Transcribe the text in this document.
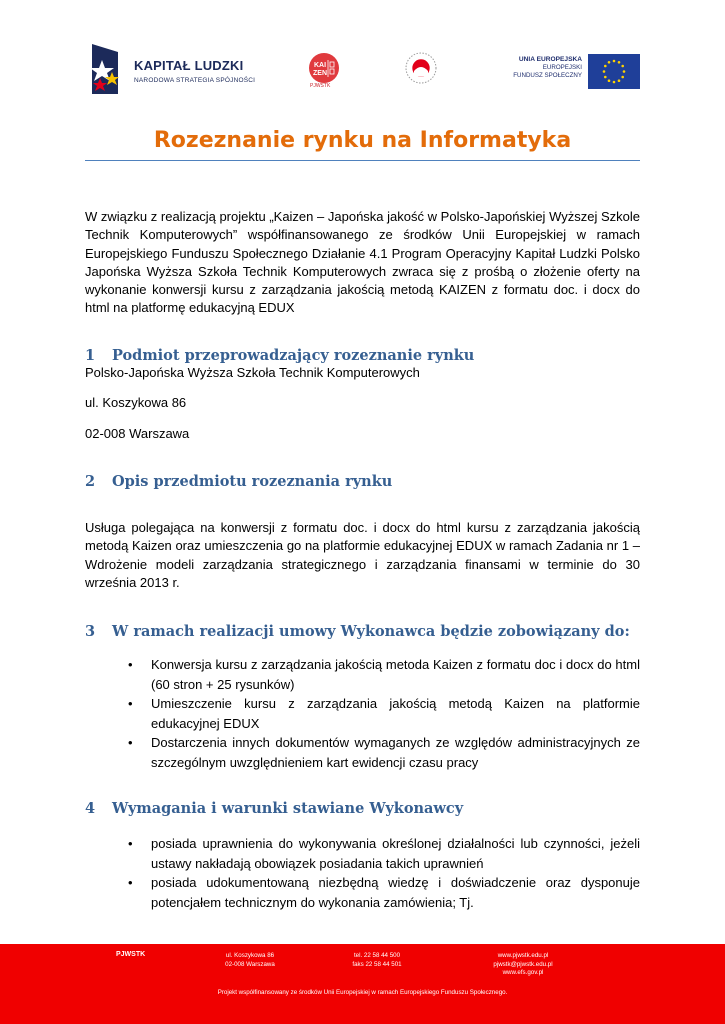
KAPITAŁ LUDZKI
NARODOWA STRATEGIA SPÓJNOŚCI
KAI
ZEN
PJWSTK
UNIA EUROPEJSKA
EUROPEJSKI
FUNDUSZ SPOŁECZNY
Rozeznanie rynku na Informatyka
W związku z realizacją projektu „Kaizen – Japońska jakość w Polsko-Japońskiej Wyższej Szkole Technik Komputerowych” współfinansowanego ze środków Unii Europejskiej w ramach Europejskiego Funduszu Społecznego Działanie 4.1 Program Operacyjny Kapitał Ludzki Polsko Japońska Wyższa Szkoła Technik Komputerowych zwraca się z prośbą o złożenie oferty na wykonanie konwersji kursu z zarządzania jakością metodą KAIZEN z formatu doc. i docx do html na platformę edukacyjną EDUX
1 Podmiot przeprowadzający rozeznanie rynku
Polsko-Japońska Wyższa Szkoła Technik Komputerowych
ul. Koszykowa 86
02-008 Warszawa
2 Opis przedmiotu rozeznania rynku
Usługa polegająca na konwersji z formatu doc. i docx do html kursu z zarządzania jakością metodą Kaizen oraz umieszczenia go na platformie edukacyjnej EDUX w ramach Zadania nr 1 – Wdrożenie modeli zarządzania strategicznego i zarządzania finansami w terminie do 30 września 2013 r.
3 W ramach realizacji umowy Wykonawca będzie zobowiązany do:
• Konwersja kursu z zarządzania jakością metoda Kaizen z formatu doc i docx do html (60 stron + 25 rysunków)
• Umieszczenie kursu z zarządzania jakością metodą Kaizen na platformie edukacyjnej EDUX
• Dostarczenia innych dokumentów wymaganych ze względów administracyjnych ze szczególnym uwzględnieniem kart ewidencji czasu pracy
4 Wymagania i warunki stawiane Wykonawcy
• posiada uprawnienia do wykonywania określonej działalności lub czynności, jeżeli ustawy nakładają obowiązek posiadania takich uprawnień
• posiada udokumentowaną niezbędną wiedzę i doświadczenie oraz dysponuje potencjałem technicznym do wykonania zamówienia; Tj.
PJWSTK	ul. Koszykowa 86
02-008 Warszawa
tel. 22 58 44 500
faks 22 58 44 501
www.pjwstk.edu.pl
pjwstk@pjwstk.edu.pl
www.efs.gov.pl
Projekt współfinansowany ze środków Unii Europejskiej w ramach Europejskiego Funduszu Społecznego.
